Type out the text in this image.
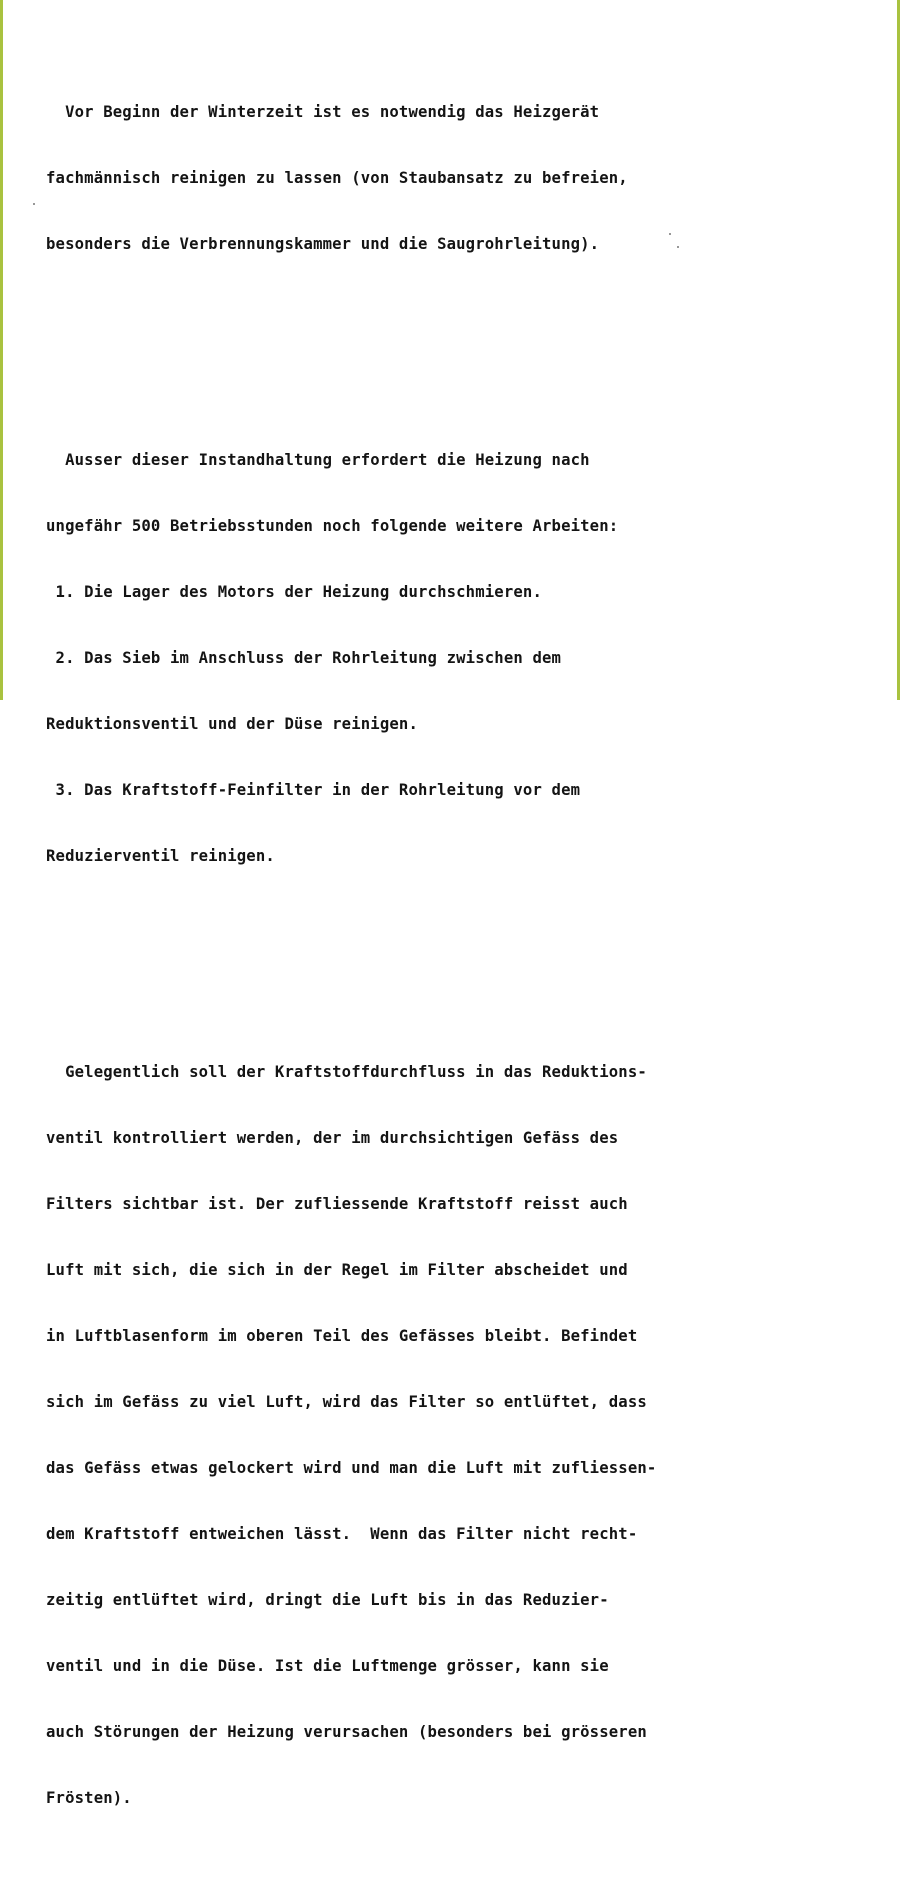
Vor Beginn der Winterzeit ist es notwendig das Heizgerät

fachmännisch reinigen zu lassen (von Staubansatz zu befreien,

besonders die Verbrennungskammer und die Saugrohrleitung).

Ausser dieser Instandhaltung erfordert die Heizung nach

ungefähr 500 Betriebsstunden noch folgende weitere Arbeiten:

1. Die Lager des Motors der Heizung durchschmieren.

2. Das Sieb im Anschluss der Rohrleitung zwischen dem

Reduktionsventil und der Düse reinigen.

3. Das Kraftstoff-Feinfilter in der Rohrleitung vor dem

Reduzierventil reinigen.

Gelegentlich soll der Kraftstoffdurchfluss in das Reduktions-

ventil kontrolliert werden, der im durchsichtigen Gefäss des

Filters sichtbar ist. Der zufliessende Kraftstoff reisst auch

Luft mit sich, die sich in der Regel im Filter abscheidet und

in Luftblasenform im oberen Teil des Gefässes bleibt. Befindet

sich im Gefäss zu viel Luft, wird das Filter so entlüftet, dass

das Gefäss etwas gelockert wird und man die Luft mit zufliessen-

dem Kraftstoff entweichen lässt.  Wenn das Filter nicht recht-

zeitig entlüftet wird, dringt die Luft bis in das Reduzier-

ventil und in die Düse. Ist die Luftmenge grösser, kann sie

auch Störungen der Heizung verursachen (besonders bei grösseren

Frösten).
